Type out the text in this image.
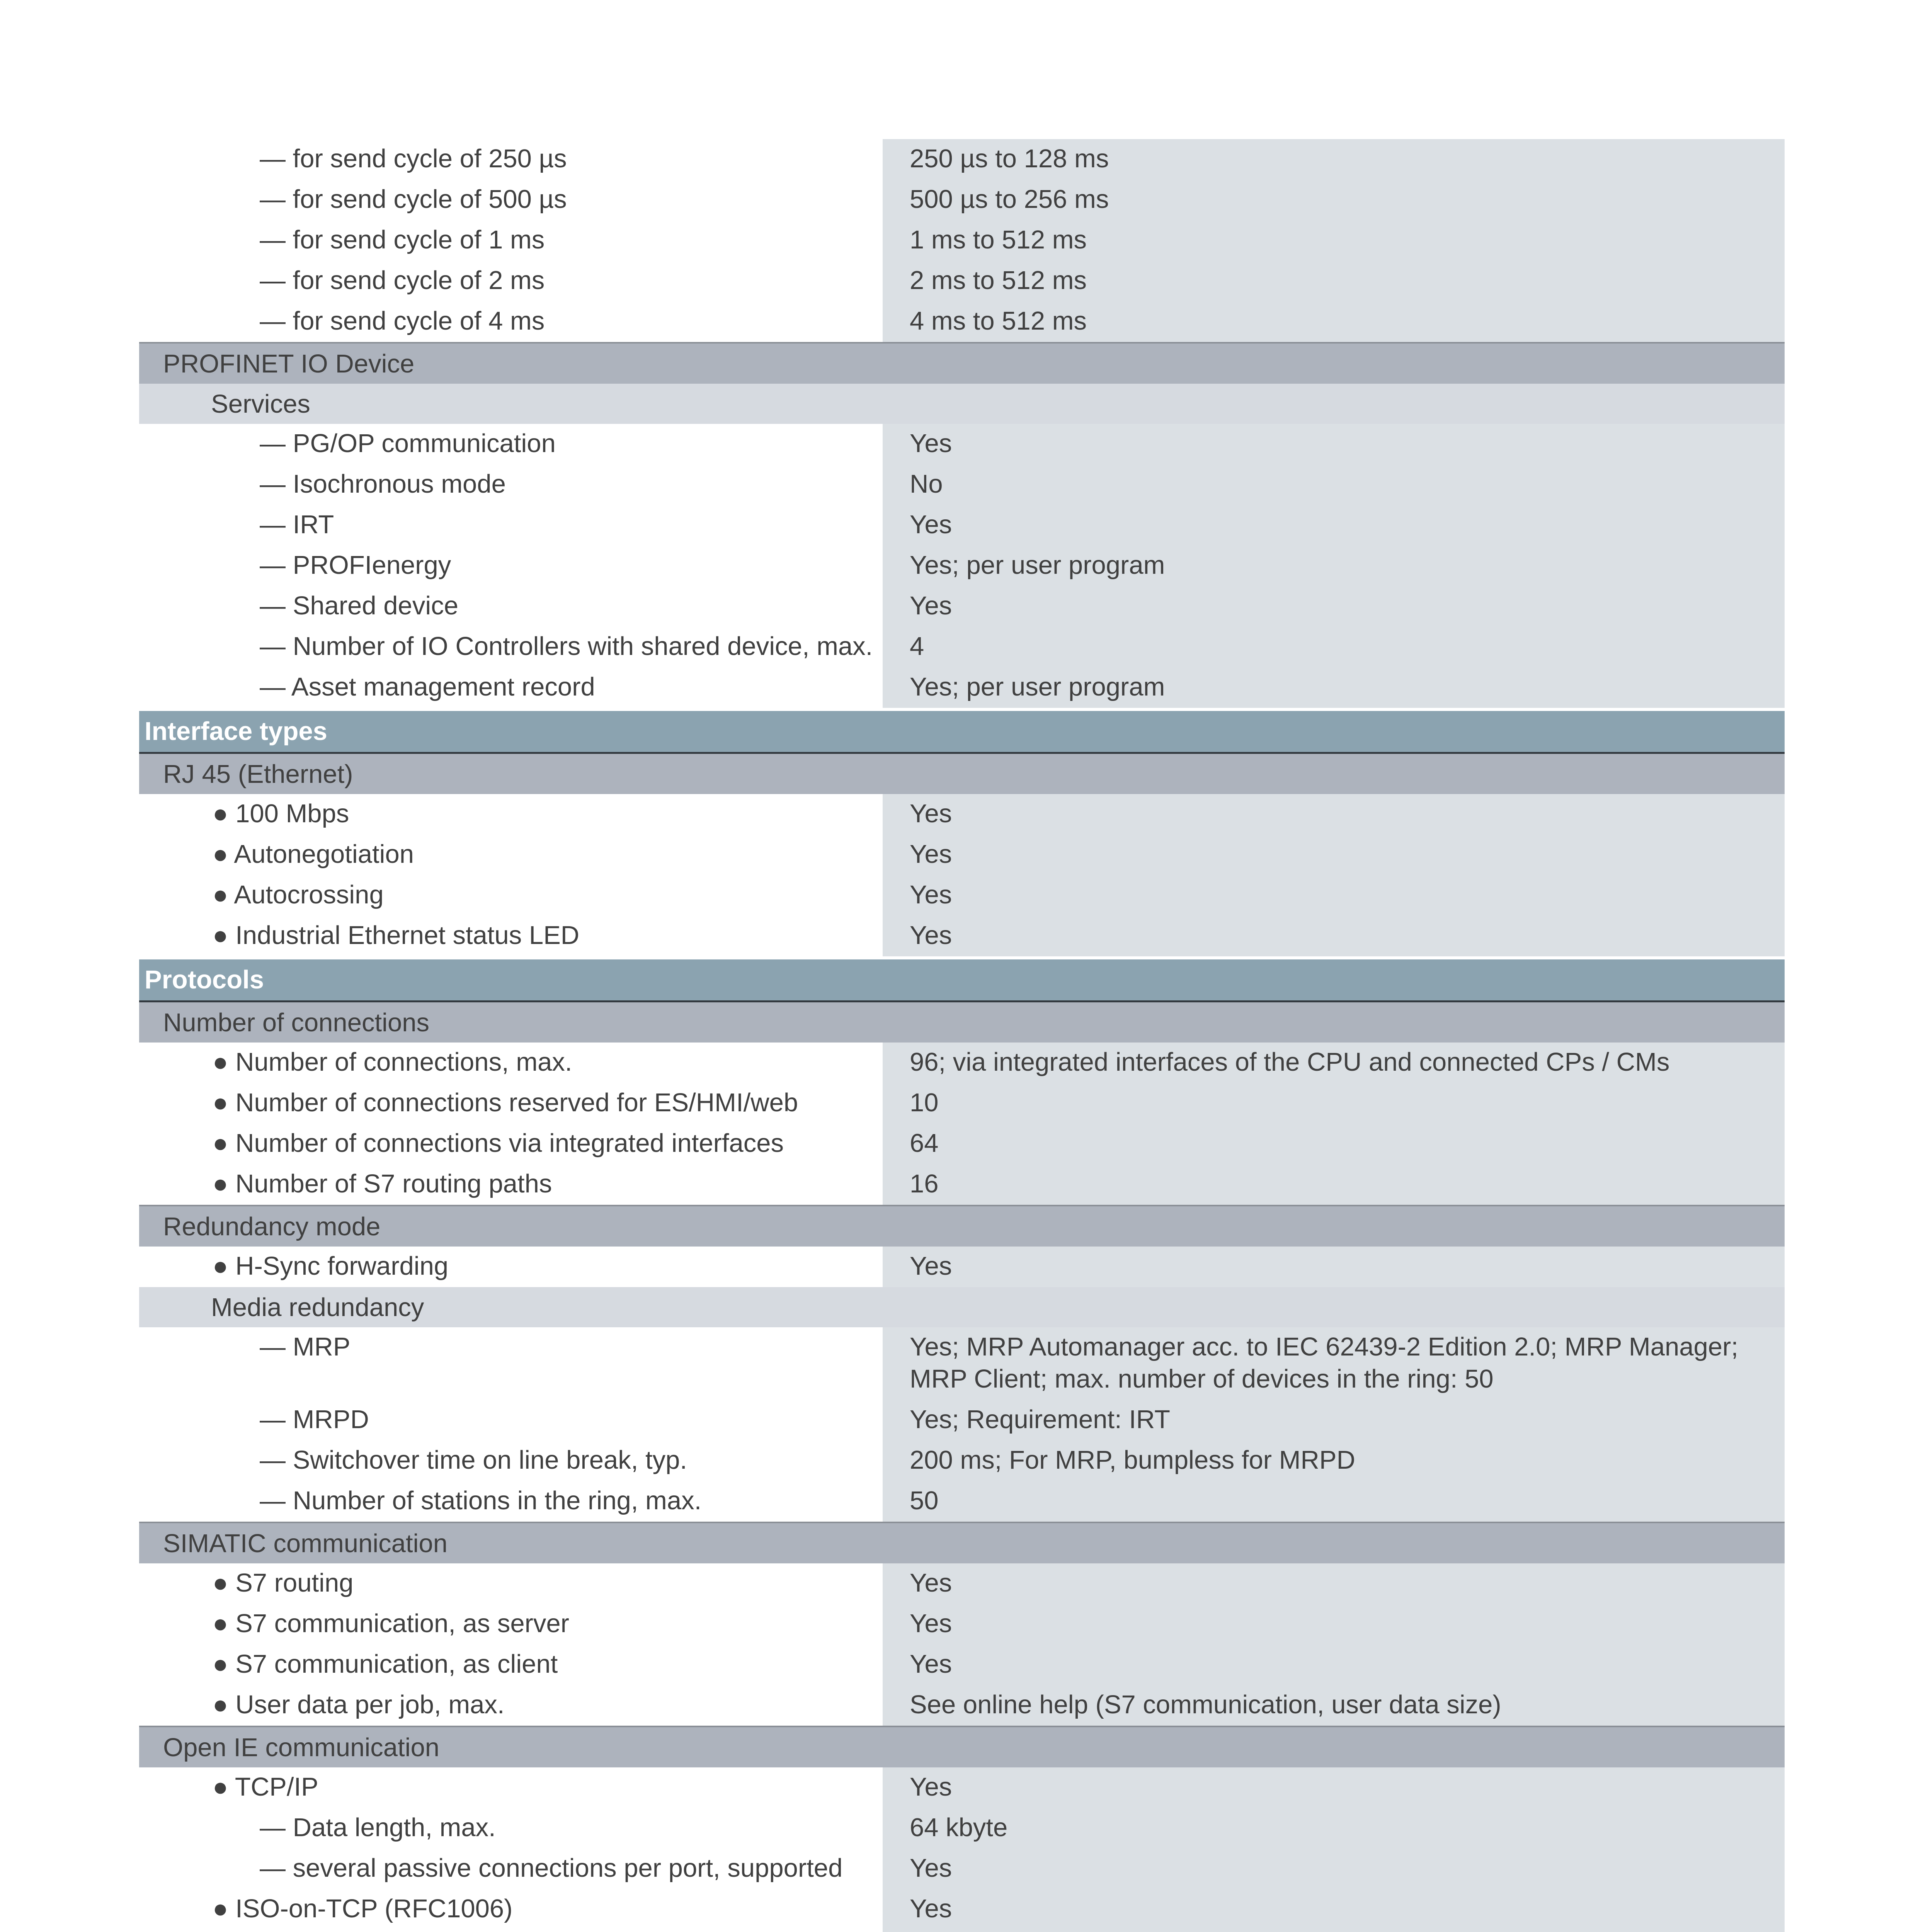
— for send cycle of 250 µs	250 µs to 128 ms
— for send cycle of 500 µs	500 µs to 256 ms
— for send cycle of 1 ms	1 ms to 512 ms
— for send cycle of 2 ms	2 ms to 512 ms
— for send cycle of 4 ms	4 ms to 512 ms
PROFINET IO Device
Services
— PG/OP communication	Yes
— Isochronous mode	No
— IRT	Yes
— PROFIenergy	Yes; per user program
— Shared device	Yes
— Number of IO Controllers with shared device, max.	4
— Asset management record	Yes; per user program
Interface types
RJ 45 (Ethernet)
● 100 Mbps	Yes
● Autonegotiation	Yes
● Autocrossing	Yes
● Industrial Ethernet status LED	Yes
Protocols
Number of connections
● Number of connections, max.	96; via integrated interfaces of the CPU and connected CPs / CMs
● Number of connections reserved for ES/HMI/web	10
● Number of connections via integrated interfaces	64
● Number of S7 routing paths	16
Redundancy mode
● H-Sync forwarding	Yes
Media redundancy
— MRP	Yes; MRP Automanager acc. to IEC 62439-2 Edition 2.0; MRP Manager; MRP Client; max. number of devices in the ring: 50
— MRPD	Yes; Requirement: IRT
— Switchover time on line break, typ.	200 ms; For MRP, bumpless for MRPD
— Number of stations in the ring, max.	50
SIMATIC communication
● S7 routing	Yes
● S7 communication, as server	Yes
● S7 communication, as client	Yes
● User data per job, max.	See online help (S7 communication, user data size)
Open IE communication
● TCP/IP	Yes
— Data length, max.	64 kbyte
— several passive connections per port, supported	Yes
● ISO-on-TCP (RFC1006)	Yes
